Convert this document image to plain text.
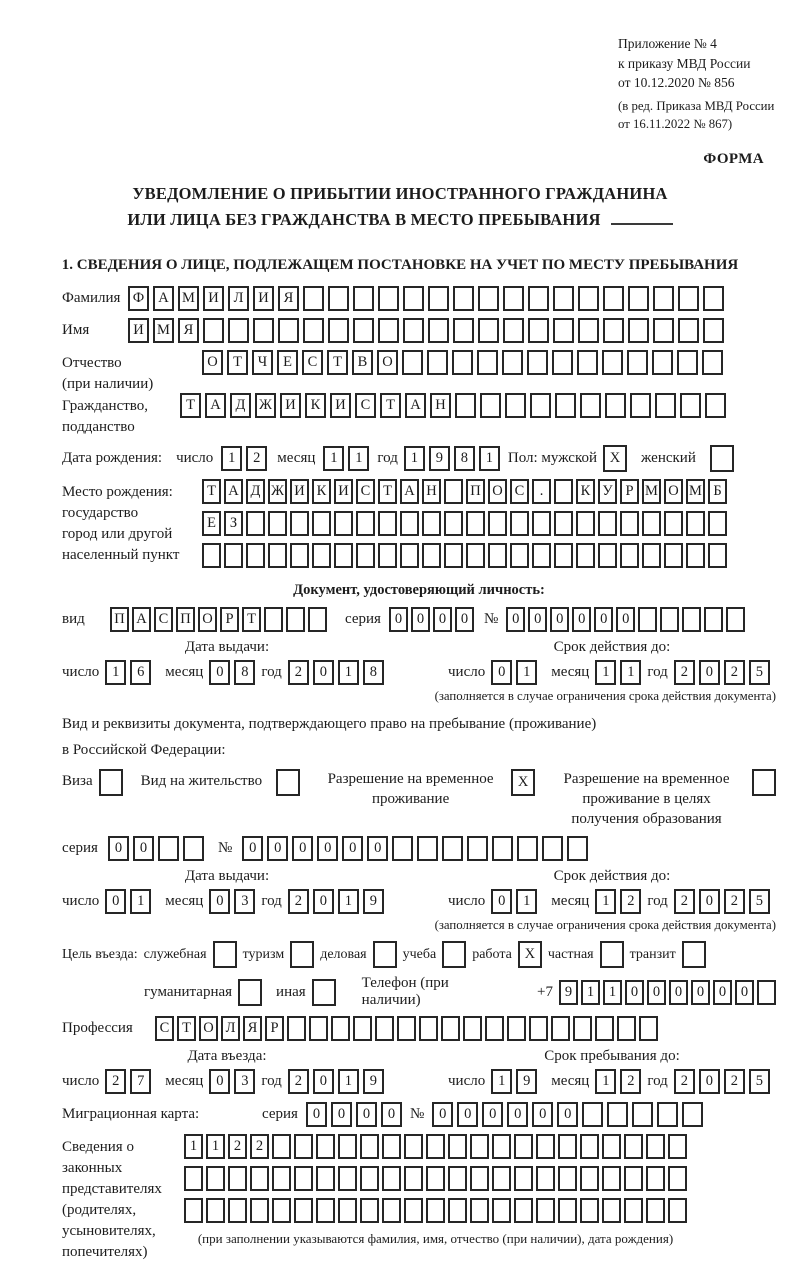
Приложение № 4
к приказу МВД России
от 10.12.2020 № 856
(в ред. Приказа МВД России
от 16.11.2022 № 867)
ФОРМА
УВЕДОМЛЕНИЕ О ПРИБЫТИИ ИНОСТРАННОГО ГРАЖДАНИНА
ИЛИ ЛИЦА БЕЗ ГРАЖДАНСТВА В МЕСТО ПРЕБЫВАНИЯ
1. СВЕДЕНИЯ О ЛИЦЕ, ПОДЛЕЖАЩЕМ ПОСТАНОВКЕ НА УЧЕТ ПО МЕСТУ ПРЕБЫВАНИЯ
Фамилия Ф А М И	Л	И	Я
Имя	И М Я
Отчество
(при наличии)
О	Т	Ч	Е	С	Т	В	О
Гражданство,
подданство
Т	А	Д Ж И	К	И	С	Т	А	Н
Дата рождения: число	1	2	месяц	1	1 год 1	9	8	1 Пол: мужской X	женский
Место рождения:
государство
город или другой
населенный пункт
Т А Д Ж И К И С Т А Н П О С	.	К У Р М О М Б
Е З
Документ, удостоверяющий личность:
вид	П А С П О Р Т	серия 0	0	0	0	№ 0	0	0	0	0	0
Дата выдачи:
число 1	6	месяц 0	8 год 2	0	1	8
Срок действия до:
число 0	1	месяц 1	1 год 2	0	2	5
(заполняется в случае ограничения срока действия документа)
Вид и реквизиты документа, подтверждающего право на пребывание (проживание)
в Российской Федерации:
Виза	Вид на жительство	Разрешение на временное проживание
X	Разрешение на временное проживание в целях получения образования
серия	0	0	№	0	0	0	0	0	0
Дата выдачи:
число 0	1	месяц 0	3 год 2	0	1	9
Срок действия до:
число 0	1	месяц 1	2 год 2	0	2	5
(заполняется в случае ограничения срока действия документа)
Цель въезда: служебная	туризм	деловая	учеба	работа X частная	транзит
гуманитарная	иная
Телефон (при наличии)
+7 9	1	1	0	0	0	0	0	0
Профессия	С Т О Л Я Р
Дата въезда:
число 2	7	месяц 0	3 год 2	0	1	9
Срок пребывания до:
число 1	9	месяц 1	2 год 2	0	2	5
Миграционная карта:	серия	0	0	0	0 №	0	0	0	0	0	0
Сведения о
законных
представителях
(родителях,
усыновителях,
попечителях)
1	1	2	2
(при заполнении указываются фамилия, имя, отчество (при наличии), дата рождения)
